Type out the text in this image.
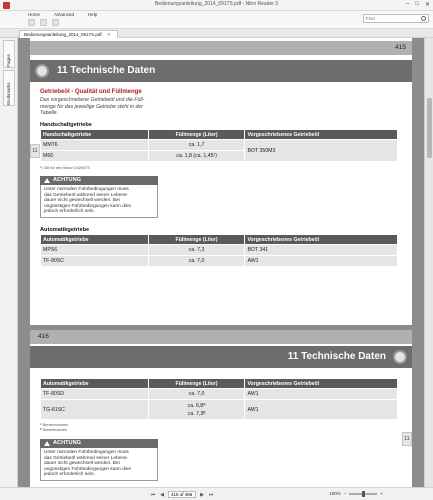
Bedienungsanleitung_2014_0917S.pdf - Nitro Reader 3	– □ ✕
Home	Advanced	Help
Find
Bedienungsanleitung_2014_0917S.pdf ✕
Pages
Bookmarks
415
11 Technische Daten
11
Getriebeöl - Qualität und Füllmenge
Das vorgeschriebene Getriebeöl und die Füll-
menge für das jeweilige Getriebe steht in der
Tabelle.
Handschaltgetriebe
Handschaltgetriebe	Füllmenge (Liter)	Vorgeschriebenes Getriebeöl
MMT6	ca. 1,7	BOT 350M3
M66	ca. 1,8 (ca. 1,45¹)	
¹) Gilt für den Motor D4204T5
ACHTUNG
Unter normalen Fahrbedingungen muss
das Getriebeöl während seiner Lebens-
dauer nicht gewechselt werden. Bei
ungünstigen Fahrbedingungen kann dies
jedoch erforderlich sein.
Automatikgetriebe
Automatikgetriebe	Füllmenge (Liter)	Vorgeschriebenes Getriebeöl
MPS6	ca. 7,3	BOT 341
TF-80SC	ca. 7,0	AW1
416
11 Technische Daten
Automatikgetriebe	Füllmenge (Liter)	Vorgeschriebenes Getriebeöl
TF-80SD	ca. 7,0	AW1
TG-81SC	ca. 6,8ᴬ
ca. 7,3ᴮ	AW1
ᴬ Benzinmotoren
ᴮ Dieselmotoren
11
ACHTUNG
Unter normalen Fahrbedingungen muss
das Getriebeöl während seiner Lebens-
dauer nicht gewechselt werden. Bei
ungünstigen Fahrbedingungen kann dies
jedoch erforderlich sein.
⏮ ◀
415 of 466	▶ ⏭	100% −	+
